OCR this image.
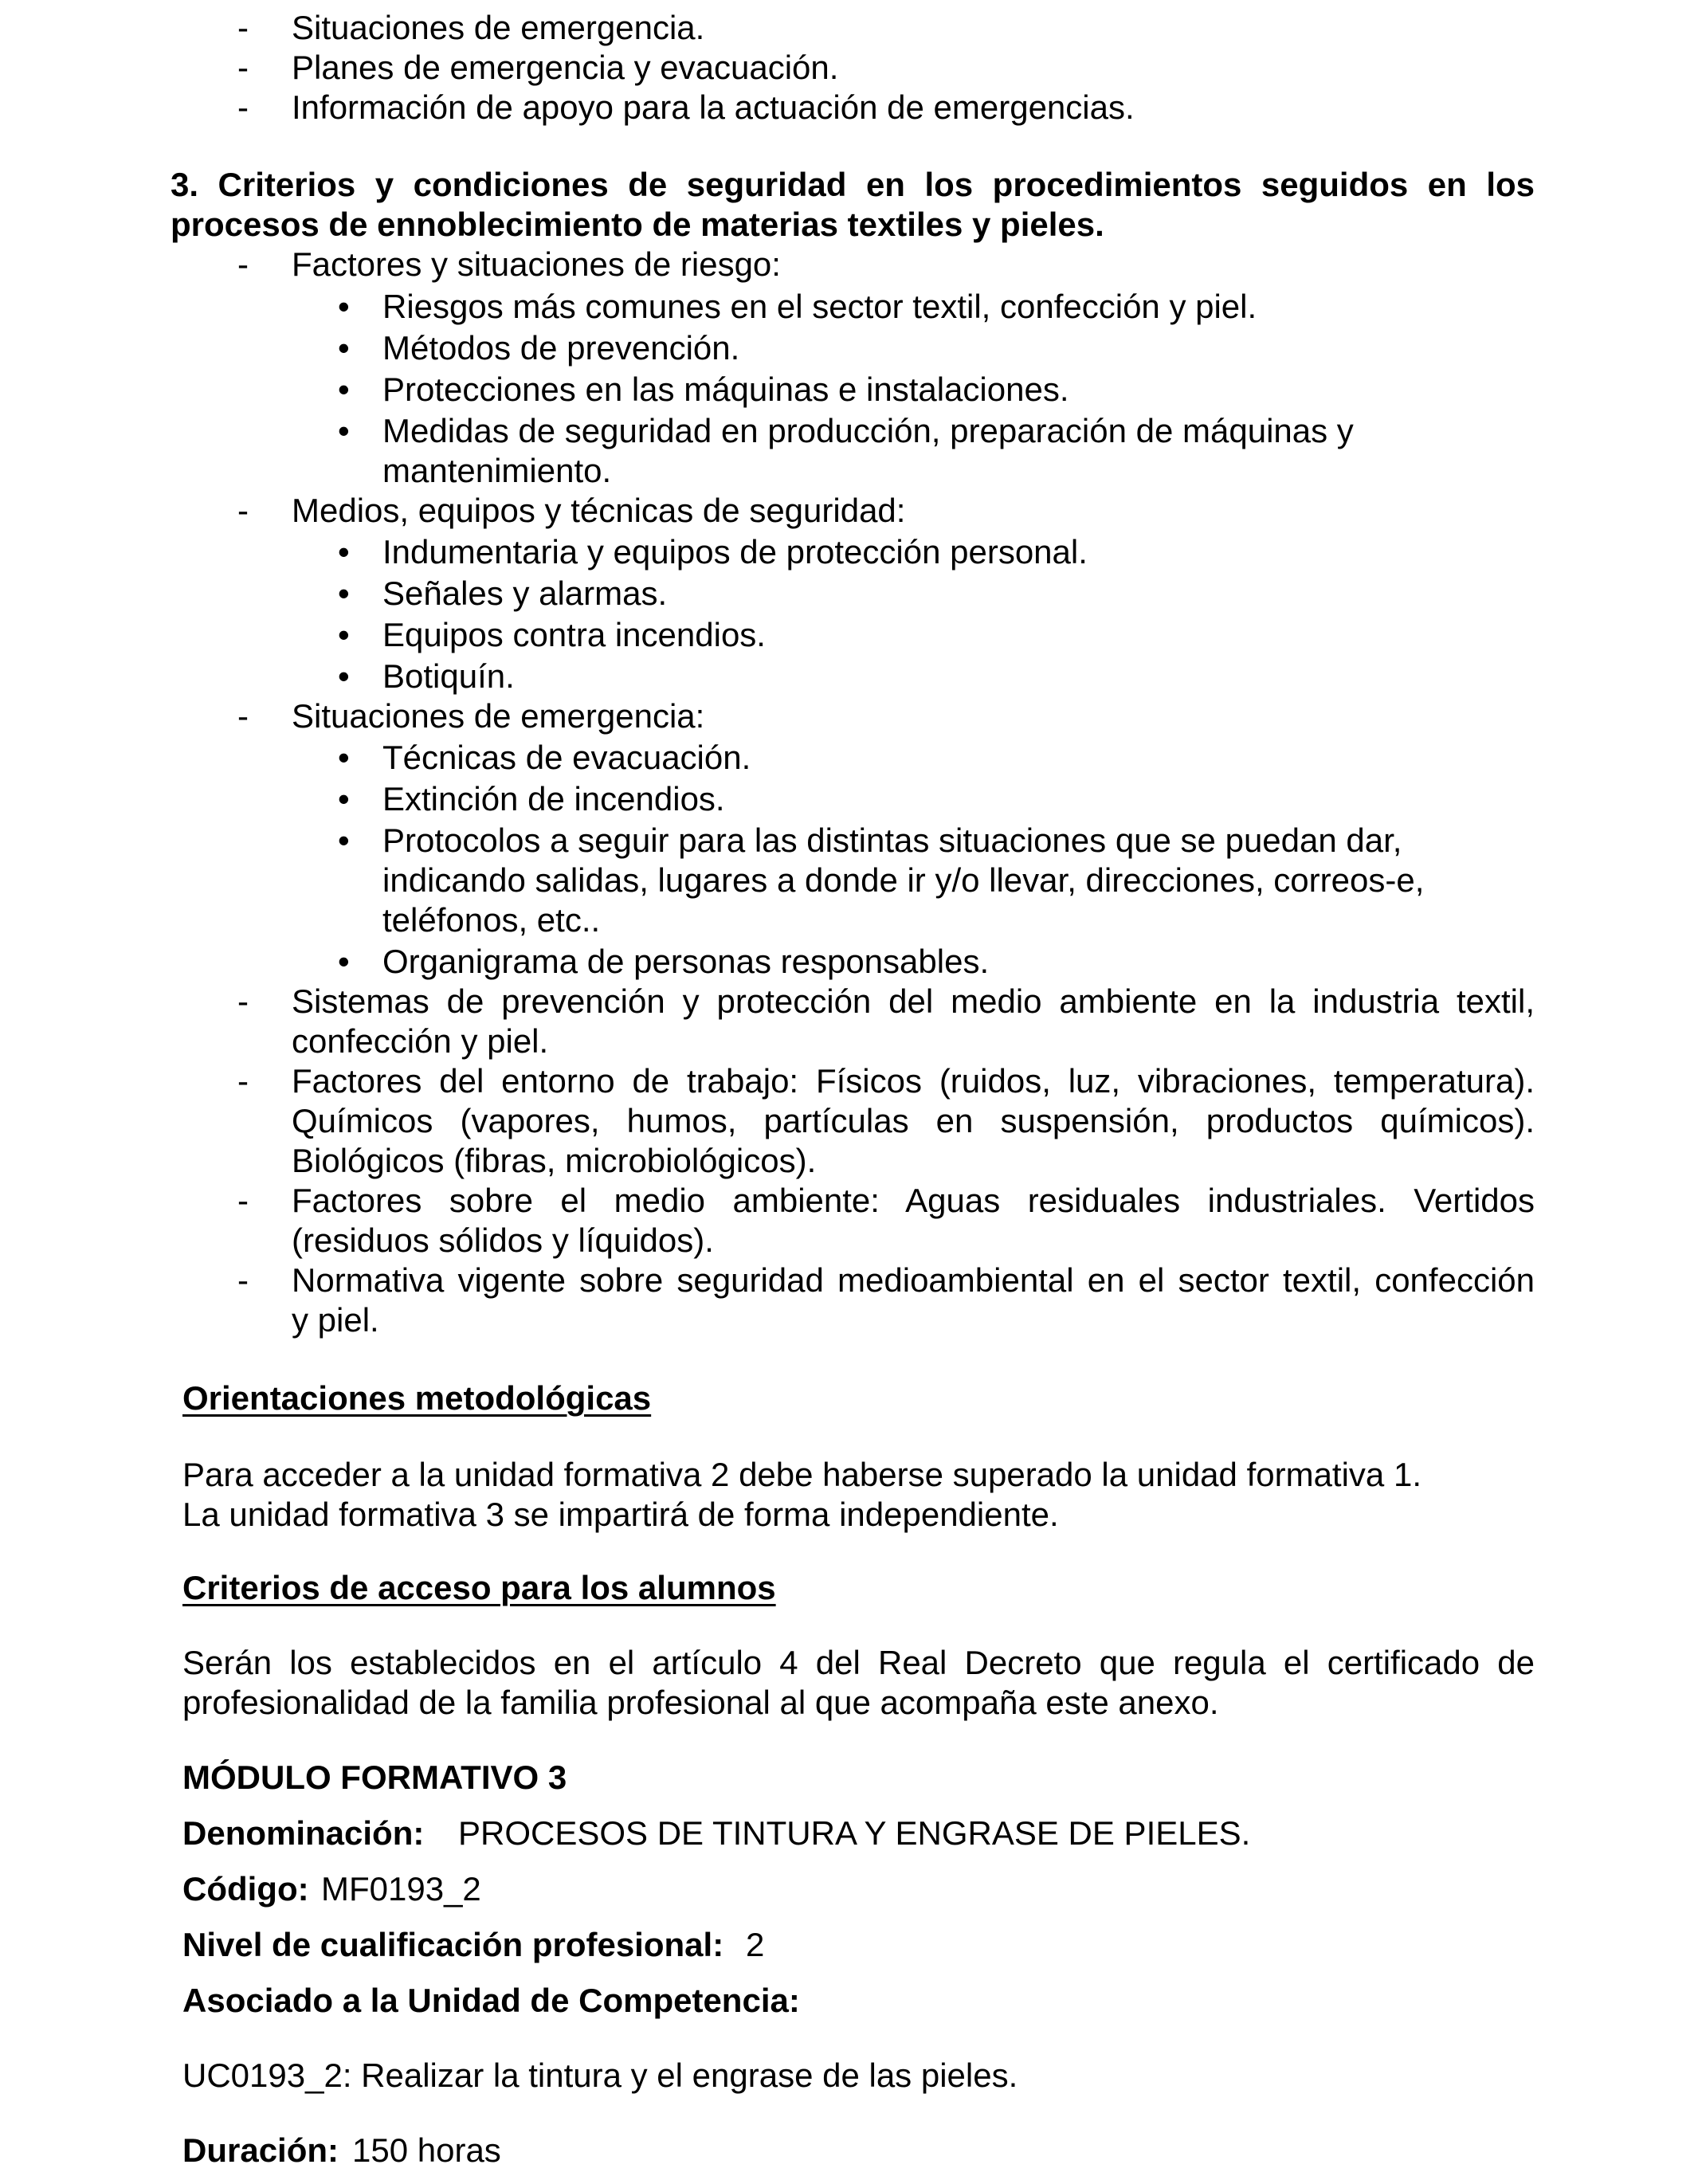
- Situaciones de emergencia.
- Planes de emergencia y evacuación.
- Información de apoyo para la actuación de emergencias.
3. Criterios y condiciones de seguridad en los procedimientos seguidos en los
procesos de ennoblecimiento de materias textiles y pieles.
- Factores y situaciones de riesgo:
• Riesgos más comunes en el sector textil, confección y piel.
• Métodos de prevención.
• Protecciones en las máquinas e instalaciones.
• Medidas de seguridad en producción, preparación de máquinas y
mantenimiento.
- Medios, equipos y técnicas de seguridad:
• Indumentaria y equipos de protección personal.
• Señales y alarmas.
• Equipos contra incendios.
• Botiquín.
- Situaciones de emergencia:
• Técnicas de evacuación.
• Extinción de incendios.
• Protocolos a seguir para las distintas situaciones que se puedan dar,
indicando salidas, lugares a donde ir y/o llevar, direcciones, correos-e,
teléfonos, etc..
• Organigrama de personas responsables.
- Sistemas de prevención y protección del medio ambiente en la industria textil,
confección y piel.
- Factores del entorno de trabajo: Físicos (ruidos, luz, vibraciones, temperatura).
Químicos (vapores, humos, partículas en suspensión, productos químicos).
Biológicos (fibras, microbiológicos).
- Factores sobre el medio ambiente: Aguas residuales industriales. Vertidos
(residuos sólidos y líquidos).
- Normativa vigente sobre seguridad medioambiental en el sector textil, confección
y piel.
Orientaciones metodológicas
Para acceder a la unidad formativa 2 debe haberse superado la unidad formativa 1.
La unidad formativa 3 se impartirá de forma independiente.
Criterios de acceso para los alumnos
Serán los establecidos en el artículo 4 del Real Decreto que regula el certificado de
profesionalidad de la familia profesional al que acompaña este anexo.
MÓDULO FORMATIVO 3
Denominación: PROCESOS DE TINTURA Y ENGRASE DE PIELES.
Código: MF0193_2
Nivel de cualificación profesional: 2
Asociado a la Unidad de Competencia:
UC0193_2: Realizar la tintura y el engrase de las pieles.
Duración: 150 horas
